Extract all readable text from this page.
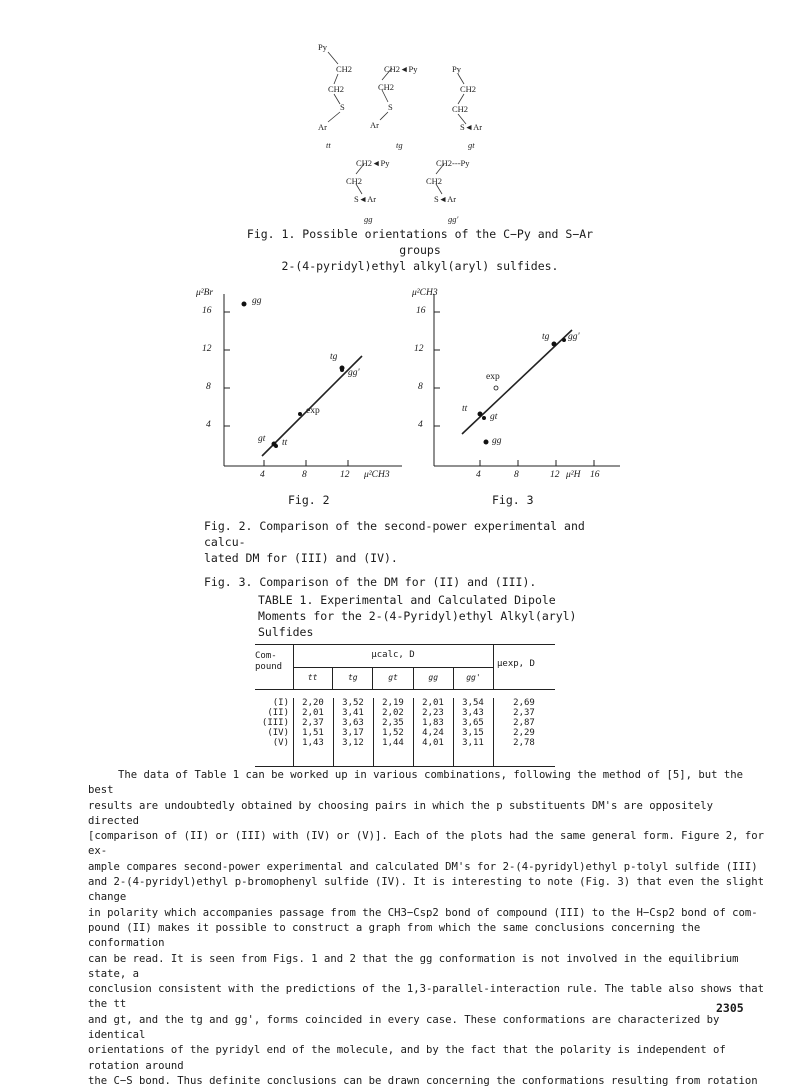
Py
CH2
CH2
S
Ar
tt
CH2◄Py
CH2
S
Ar
tg
Py
CH2
CH2
S◄Ar
gt
CH2◄Py
CH2
S◄Ar
gg
CH2---Py
CH2
S◄Ar
gg'
Fig. 1. Possible orientations of the C−Py and S−Ar groups
2-(4-pyridyl)ethyl alkyl(aryl) sulfides.
μ²Br
16
12
8
4
4	8	12 μ²CH3
gg
tg
gg'
exp
gt tt
Fig. 2
μ²CH3
16
12
8
4
4	8	12 μ²H 16
tg gg'
exp
tt
gt
gg
Fig. 3
Fig. 2. Comparison of the second-power experimental and calcu-
lated DM for (III) and (IV).
Fig. 3. Comparison of the DM for (II) and (III).
TABLE 1. Experimental and Calculated Dipole
Moments for the 2-(4-Pyridyl)ethyl Alkyl(aryl)
Sulfides
Com-
pound
μcalc, D
μexp, D
tt	tg	gt	gg	gg'
(I)	2,20	3,52	2,19	2,01	3,54	2,69
(II)	2,01	3,41	2,02	2,23	3,43	2,37
(III)	2,37	3,63	2,35	1,83	3,65	2,87
(IV)	1,51	3,17	1,52	4,24	3,15	2,29
(V)	1,43	3,12	1,44	4,01	3,11	2,78

The data of Table 1 can be worked up in various combinations, following the method of [5], but the best

results are undoubtedly obtained by choosing pairs in which the p substituents DM's are oppositely directed

[comparison of (II) or (III) with (IV) or (V)]. Each of the plots had the same general form. Figure 2, for ex-

ample compares second-power experimental and calculated DM's for 2-(4-pyridyl)ethyl p-tolyl sulfide (III)

and 2-(4-pyridyl)ethyl p-bromophenyl sulfide (IV). It is interesting to note (Fig. 3) that even the slight change

in polarity which accompanies passage from the CH3−Csp2 bond of compound (III) to the H−Csp2 bond of com-

pound (II) makes it possible to construct a graph from which the same conclusions concerning the conformation

can be read. It is seen from Figs. 1 and 2 that the gg conformation is not involved in the equilibrium state, a

conclusion consistent with the predictions of the 1,3-parallel-interaction rule. The table also shows that the tt

and gt, and the tg and gg', forms coincided in every case. These conformations are characterized by identical

orientations of the pyridyl end of the molecule, and by the fact that the polarity is independent of rotation around

the C−S bond. Thus definite conclusions can be drawn concerning the conformations resulting from rotation

2305
